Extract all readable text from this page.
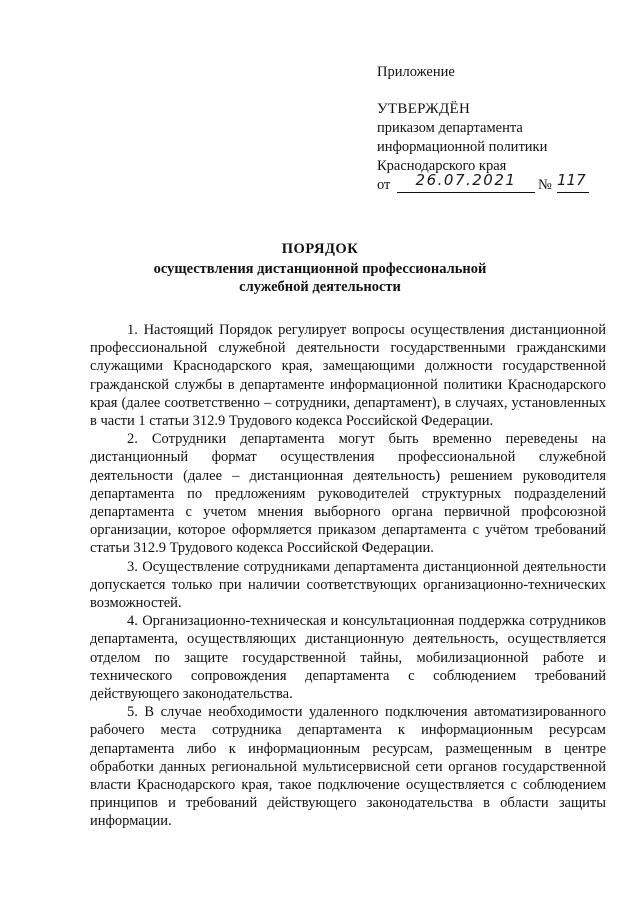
Приложение
УТВЕРЖДЁН
приказом департамента
информационной политики
Краснодарского края
от	26.07.2021	№ 117
ПОРЯДОК
осуществления дистанционной профессиональной
служебной деятельности

1. Настоящий Порядок регулирует вопросы осуществления дистанционной профессиональной служебной деятельности государственными гражданскими служащими Краснодарского края, замещающими должности государственной гражданской службы в департаменте информационной политики Краснодарского края (далее соответственно – сотрудники, департамент), в случаях, установленных в части 1 статьи 312.9 Трудового кодекса Российской Федерации.

2. Сотрудники департамента могут быть временно переведены на дистанционный формат осуществления профессиональной служебной деятельности (далее – дистанционная деятельность) решением руководителя департамента по предложениям руководителей структурных подразделений департамента с учетом мнения выборного органа первичной профсоюзной организации, которое оформляется приказом департамента с учётом требований статьи 312.9 Трудового кодекса Российской Федерации.

3. Осуществление сотрудниками департамента дистанционной деятельности допускается только при наличии соответствующих организационно-технических возможностей.

4. Организационно-техническая и консультационная поддержка сотрудников департамента, осуществляющих дистанционную деятельность, осуществляется отделом по защите государственной тайны, мобилизационной работе и технического сопровождения департамента с соблюдением требований действующего законодательства.

5. В случае необходимости удаленного подключения автоматизированного рабочего места сотрудника департамента к информационным ресурсам департамента либо к информационным ресурсам, размещенным в центре обработки данных региональной мультисервисной сети органов государственной власти Краснодарского края, такое подключение осуществляется с соблюдением принципов и требований действующего законодательства в области защиты информации.
